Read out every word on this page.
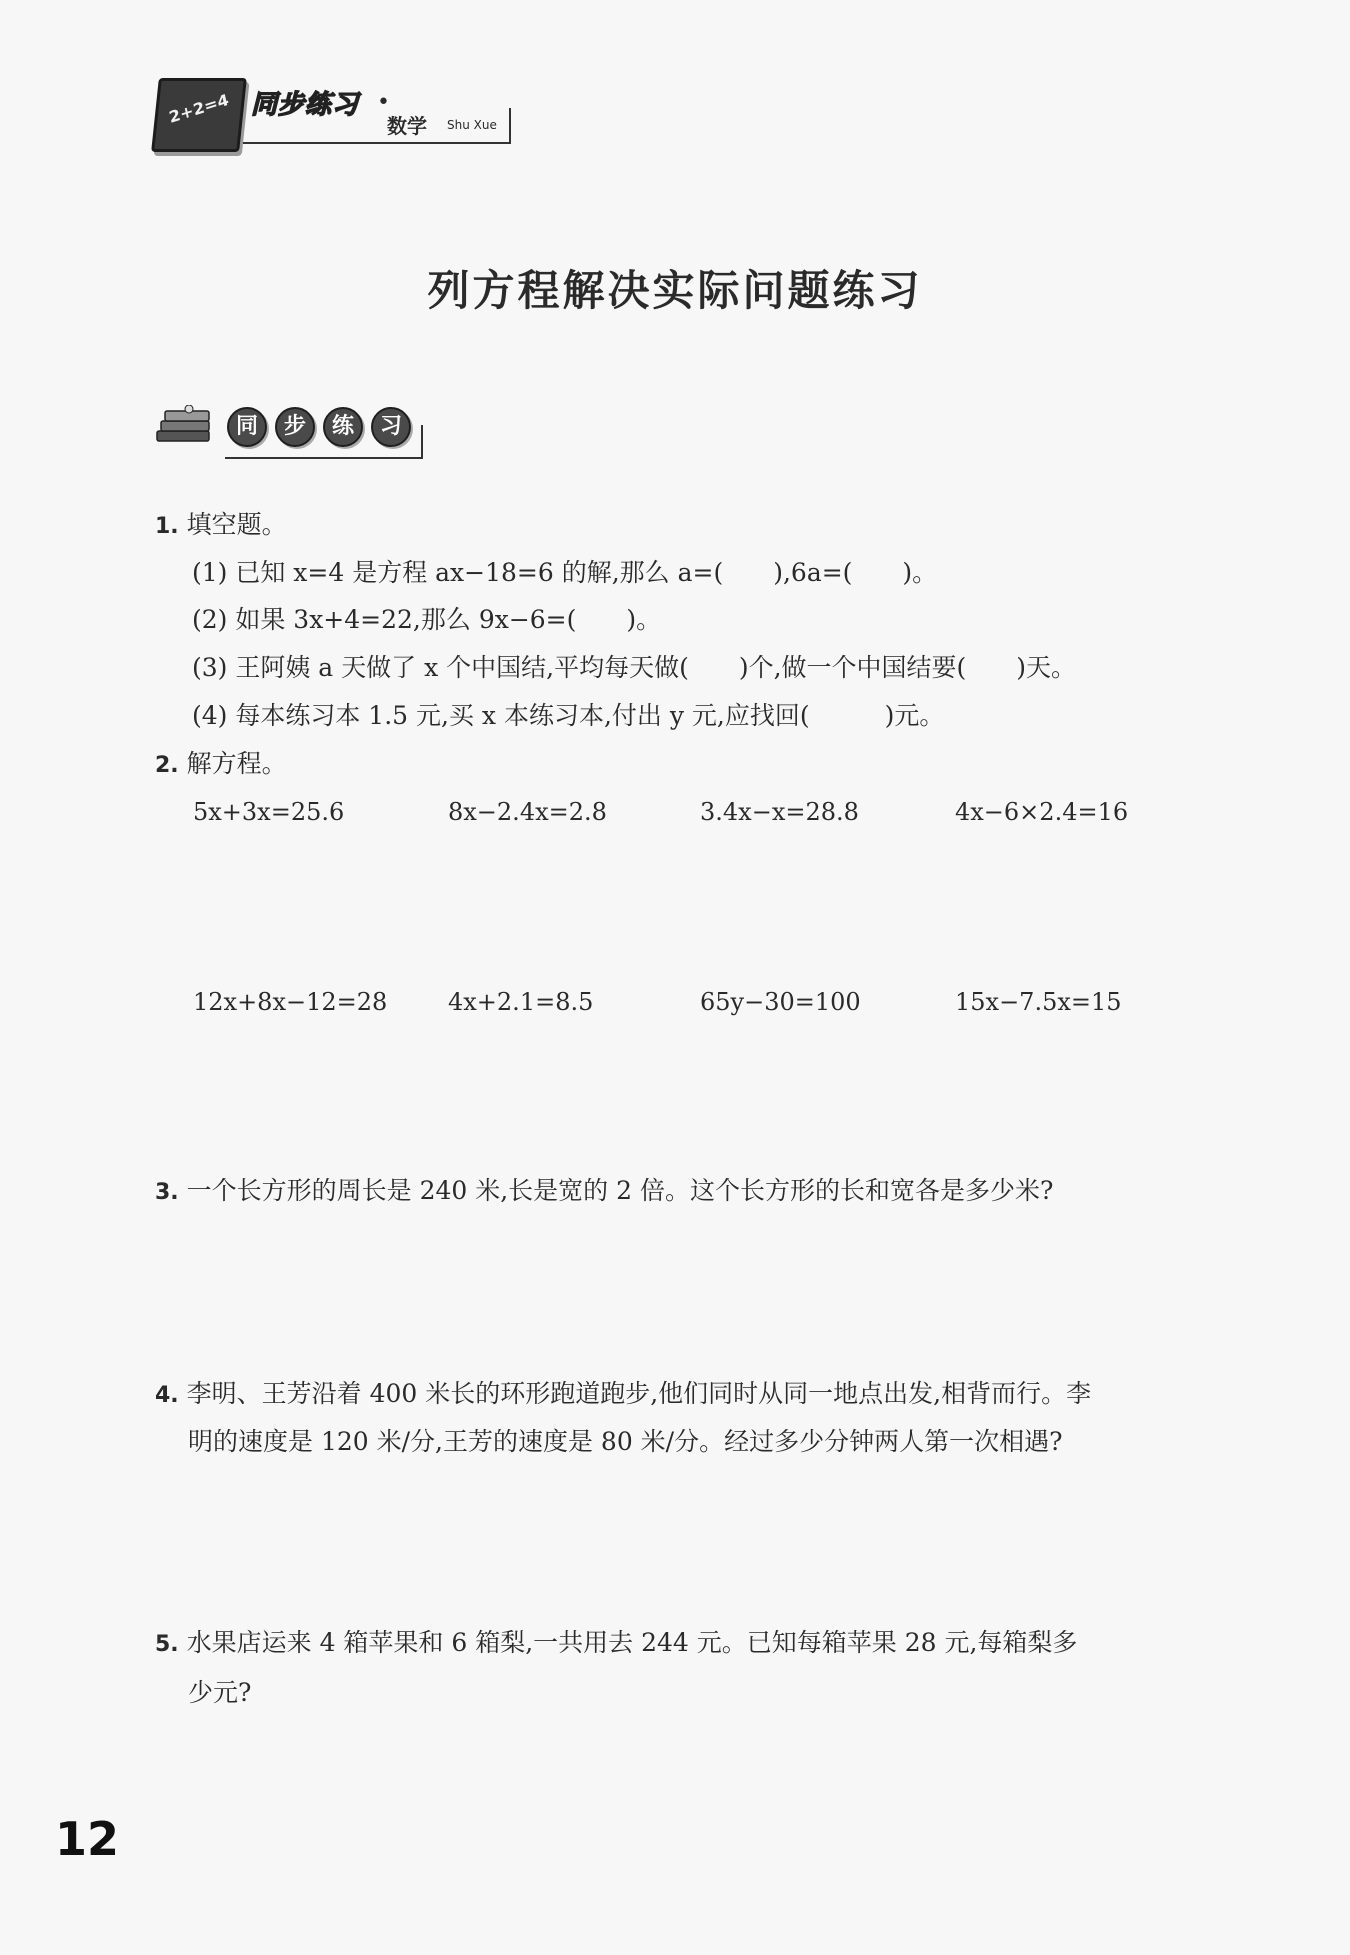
2+2=4 同步练习 •
数学 Shu Xue
列方程解决实际问题练习
同	步	练	习
1. 填空题。
(1) 已知 x=4 是方程 ax−18=6 的解,那么 a=(　　),6a=(　　)。
(2) 如果 3x+4=22,那么 9x−6=(　　)。
(3) 王阿姨 a 天做了 x 个中国结,平均每天做(　　)个,做一个中国结要(　　)天。
(4) 每本练习本 1.5 元,买 x 本练习本,付出 y 元,应找回(　　　)元。
2. 解方程。
5x+3x=25.6	8x−2.4x=2.8	3.4x−x=28.8	4x−6×2.4=16
12x+8x−12=28	4x+2.1=8.5	65y−30=100	15x−7.5x=15
3. 一个长方形的周长是 240 米,长是宽的 2 倍。这个长方形的长和宽各是多少米?
4. 李明、王芳沿着 400 米长的环形跑道跑步,他们同时从同一地点出发,相背而行。李
明的速度是 120 米/分,王芳的速度是 80 米/分。经过多少分钟两人第一次相遇?
5. 水果店运来 4 箱苹果和 6 箱梨,一共用去 244 元。已知每箱苹果 28 元,每箱梨多
少元?
12
